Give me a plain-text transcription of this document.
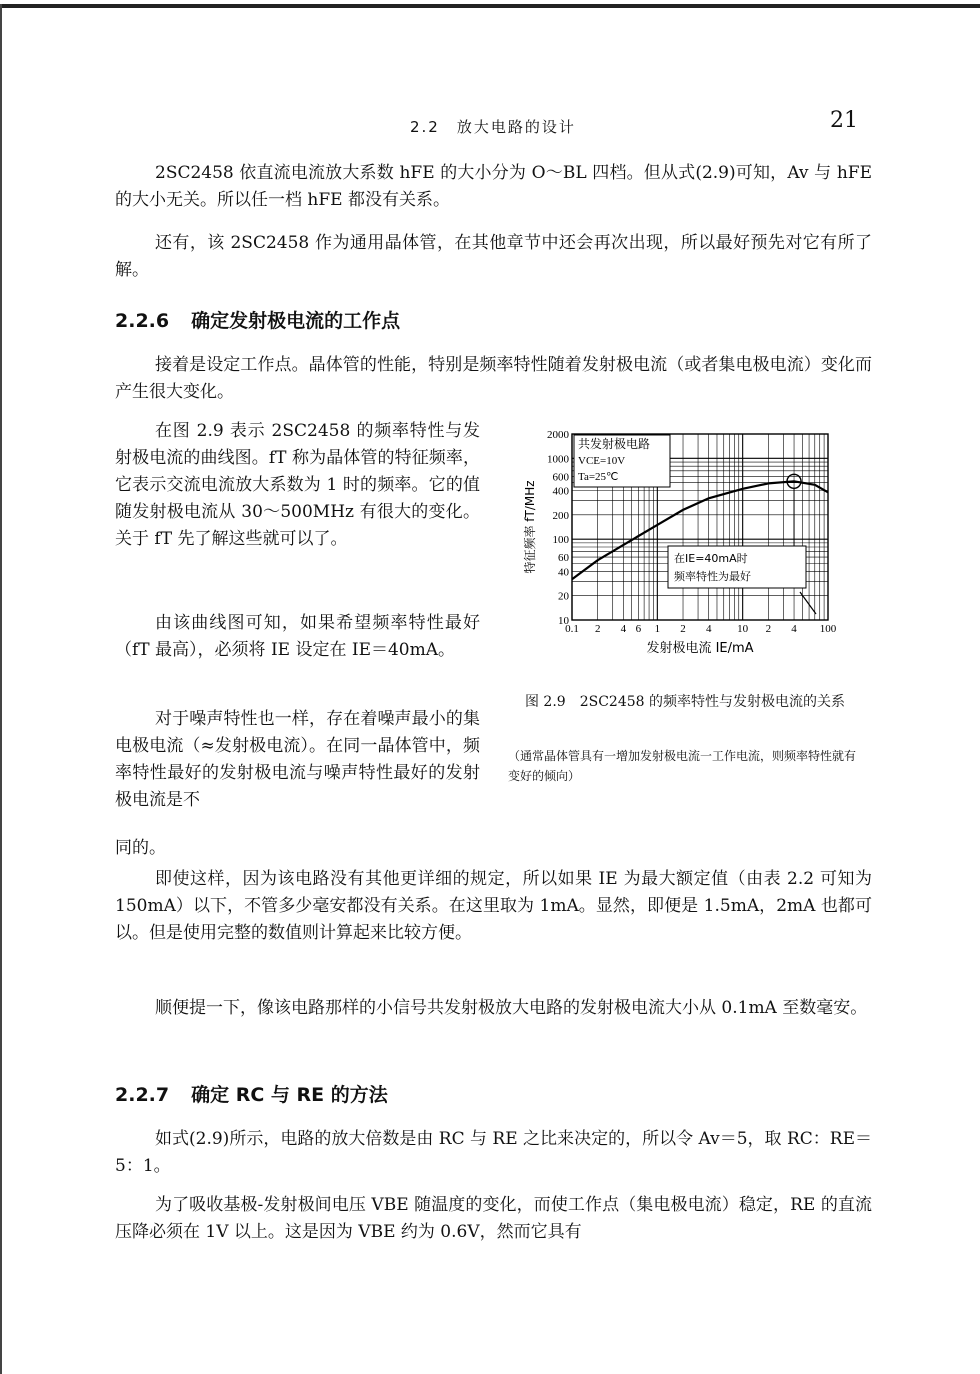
2.2　放大电路的设计	21

2SC2458 依直流电流放大系数 hFE 的大小分为 O～BL 四档。但从式(2.9)可知，Av 与 hFE 的大小无关。所以任一档 hFE 都没有关系。

还有，该 2SC2458 作为通用晶体管，在其他章节中还会再次出现，所以最好预先对它有所了解。

2.2.6 确定发射极电流的工作点

接着是设定工作点。晶体管的性能，特别是频率特性随着发射极电流（或者集电极电流）变化而产生很大变化。

在图 2.9 表示 2SC2458 的频率特性与发射极电流的曲线图。fT 称为晶体管的特征频率，它表示交流电流放大系数为 1 时的频率。它的值随发射极电流从 30～500MHz 有很大的变化。关于 fT 先了解这些就可以了。

由该曲线图可知，如果希望频率特性最好（fT 最高），必须将 IE 设定在 IE＝40mA。

对于噪声特性也一样，存在着噪声最小的集电极电流（≈发射极电流）。在同一晶体管中，频率特性最好的发射极电流与噪声特性最好的发射极电流是不

同的。

2000
1000
600
400
200
100
60
40
20
10
0.1 2 4 6 1 2 4 10 2 4 100
共发射极电路
VCE=10V
Ta=25℃
在IE=40mA时
频率特性为最好
发射极电流 IE/mA
特征频率 fT/MHz
图 2.9　2SC2458 的频率特性与发射极电流的关系
（通常晶体管具有一增加发射极电流一工作电流，则频率特性就有变好的倾向）

即使这样，因为该电路没有其他更详细的规定，所以如果 IE 为最大额定值（由表 2.2 可知为 150mA）以下，不管多少毫安都没有关系。在这里取为 1mA。显然，即便是 1.5mA，2mA 也都可以。但是使用完整的数值则计算起来比较方便。

顺便提一下，像该电路那样的小信号共发射极放大电路的发射极电流大小从 0.1mA 至数毫安。

2.2.7 确定 RC 与 RE 的方法

如式(2.9)所示，电路的放大倍数是由 RC 与 RE 之比来决定的，所以令 Av＝5，取 RC：RE＝5：1。

为了吸收基极-发射极间电压 VBE 随温度的变化，而使工作点（集电极电流）稳定，RE 的直流压降必须在 1V 以上。这是因为 VBE 约为 0.6V，然而它具有
